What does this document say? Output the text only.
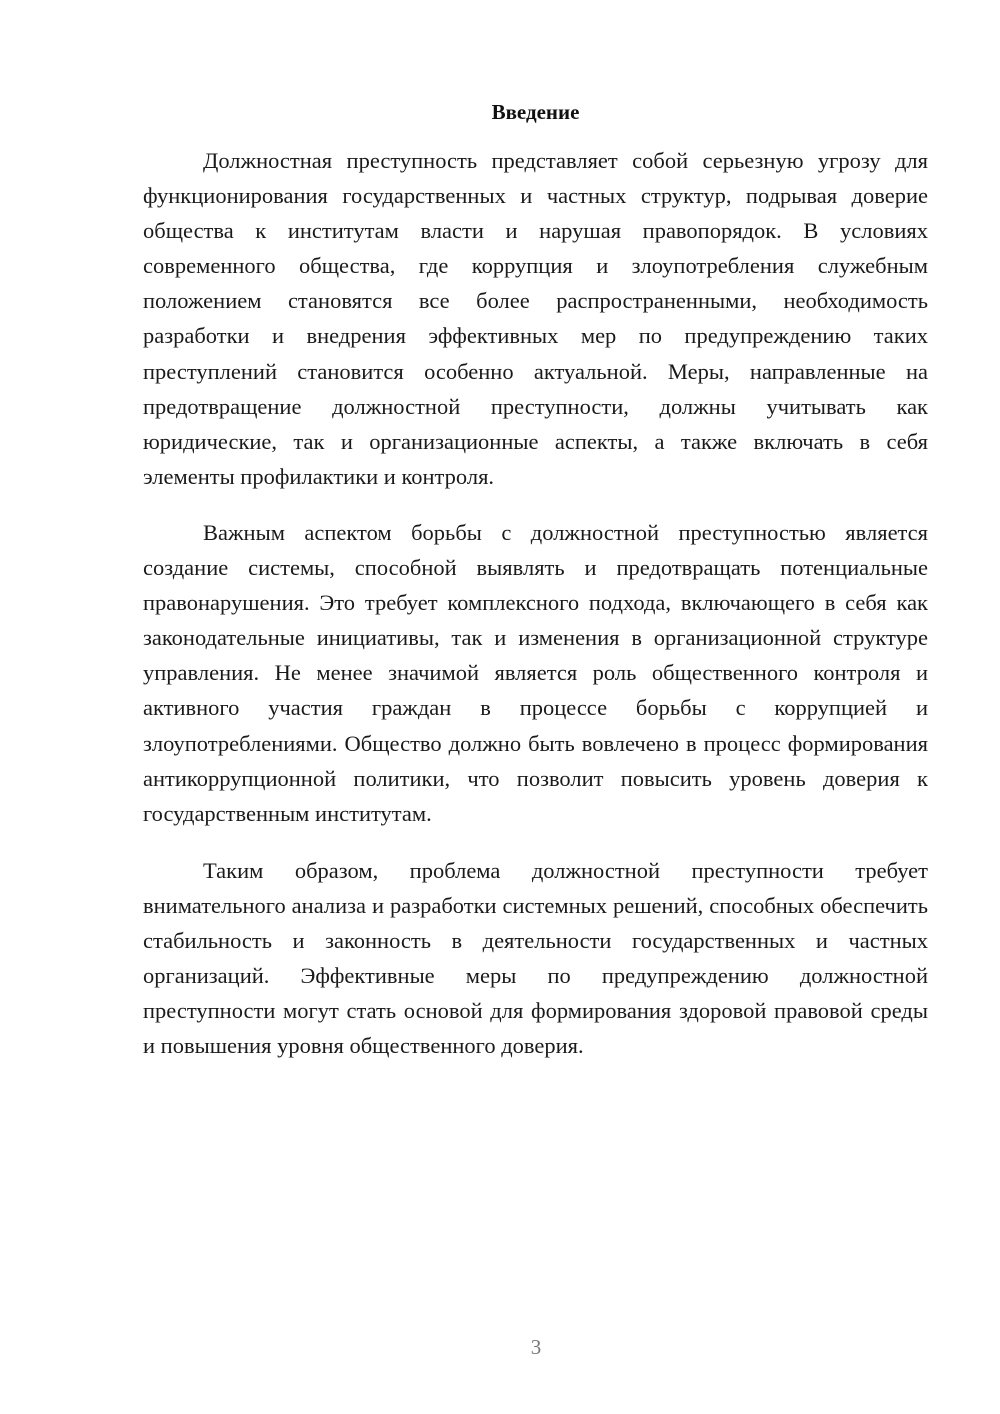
Введение

Должностная преступность представляет собой серьезную угрозу для функционирования государственных и частных структур, подрывая доверие общества к институтам власти и нарушая правопорядок. В условиях современного общества, где коррупция и злоупотребления служебным положением становятся все более распространенными, необходимость разработки и внедрения эффективных мер по предупреждению таких преступлений становится особенно актуальной. Меры, направленные на предотвращение должностной преступности, должны учитывать как юридические, так и организационные аспекты, а также включать в себя элементы профилактики и контроля.

Важным аспектом борьбы с должностной преступностью является создание системы, способной выявлять и предотвращать потенциальные правонарушения. Это требует комплексного подхода, включающего в себя как законодательные инициативы, так и изменения в организационной структуре управления. Не менее значимой является роль общественного контроля и активного участия граждан в процессе борьбы с коррупцией и злоупотреблениями. Общество должно быть вовлечено в процесс формирования антикоррупционной политики, что позволит повысить уровень доверия к государственным институтам.

Таким образом, проблема должностной преступности требует внимательного анализа и разработки системных решений, способных обеспечить стабильность и законность в деятельности государственных и частных организаций. Эффективные меры по предупреждению должностной преступности могут стать основой для формирования здоровой правовой среды и повышения уровня общественного доверия.

3
